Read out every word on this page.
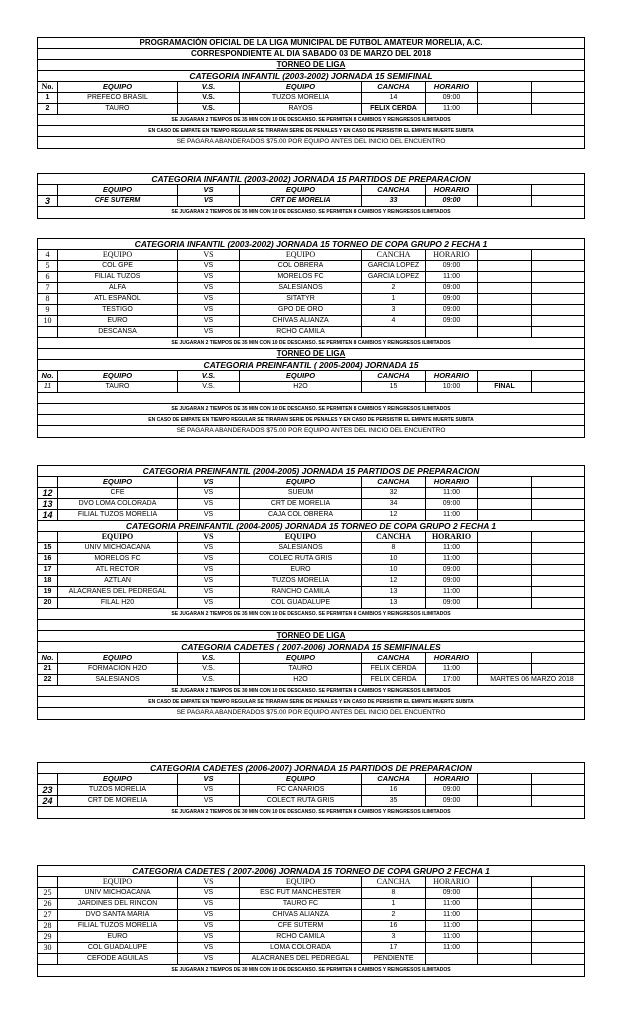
PROGRAMACIÓN OFICIAL DE LA LIGA MUNICIPAL DE FUTBOL AMATEUR MORELIA, A.C.
CORRESPONDIENTE AL DIA SABADO 03 DE MARZO DEL 2018
TORNEO DE LIGA
CATEGORIA INFANTIL (2003-2002) JORNADA 15 SEMIFINAL
No.	EQUIPO	V.S.	EQUIPO	CANCHA	HORARIO
1	PREFECO BRASIL	V.S.	TUZOS MORELIA	14	09:00
2	TAURO	V.S.	RAYOS	FELIX CERDA	11:00
SE JUGARAN 2 TIEMPOS DE 35 MIN CON 10 DE DESCANSO. SE PERMITEN 8 CAMBIOS Y REINGRESOS ILIMITADOS
EN CASO DE EMPATE EN TIEMPO REGULAR SE TIRARAN SERIE DE PENALES Y EN CASO DE PERSISTIR EL EMPATE MUERTE SUBITA
SE PAGARA ABANDERADOS $75.00 POR EQUIPO ANTES DEL INICIO DEL ENCUENTRO
CATEGORIA INFANTIL (2003-2002) JORNADA 15 PARTIDOS DE PREPARACION
EQUIPO	VS	EQUIPO	CANCHA	HORARIO
3	CFE SUTERM	VS	CRT DE MORELIA	33	09:00
SE JUGARAN 2 TIEMPOS DE 35 MIN CON 10 DE DESCANSO. SE PERMITEN 8 CAMBIOS Y REINGRESOS ILIMITADOS
CATEGORIA INFANTIL (2003-2002) JORNADA 15 TORNEO DE COPA GRUPO 2 FECHA 1
4	EQUIPO	VS	EQUIPO	CANCHA	HORARIO
5	COL GPE	VS	COL OBRERA	GARCIA LOPEZ	09:00
6	FILIAL TUZOS	VS	MORELOS FC	GARCIA LOPEZ	11:00
7	ALFA	VS	SALESIANOS	2	09:00
8	ATL ESPAÑOL	VS	SITATYR	1	09:00
9	TESTIGO	VS	GPO DE ORO	3	09:00
10	EURO	VS	CHIVAS ALIANZA	4	09:00
DESCANSA	VS	RCHO CAMILA
SE JUGARAN 2 TIEMPOS DE 35 MIN CON 10 DE DESCANSO. SE PERMITEN 8 CAMBIOS Y REINGRESOS ILIMITADOS
TORNEO DE LIGA
CATEGORIA PREINFANTIL ( 2005-2004) JORNADA 15
No.	EQUIPO	V.S.	EQUIPO	CANCHA	HORARIO
11	TAURO	V.S.	H2O	15	10:00	FINAL
SE JUGARAN 2 TIEMPOS DE 35 MIN CON 10 DE DESCANSO. SE PERMITEN 8 CAMBIOS Y REINGRESOS ILIMITADOS
EN CASO DE EMPATE EN TIEMPO REGULAR SE TIRARAN SERIE DE PENALES Y EN CASO DE PERSISTIR EL EMPATE MUERTE SUBITA
SE PAGARA ABANDERADOS $75.00 POR EQUIPO ANTES DEL INICIO DEL ENCUENTRO
CATEGORIA PREINFANTIL (2004-2005) JORNADA 15 PARTIDOS DE PREPARACION
EQUIPO	VS	EQUIPO	CANCHA	HORARIO
12	CFE	VS	SUEUM	32	11:00
13	DVO LOMA COLORADA	VS	CRT DE MORELIA	34	09:00
14	FILIAL TUZOS MORELIA	VS	CAJA COL OBRERA	12	11:00
CATEGORIA PREINFANTIL (2004-2005) JORNADA 15 TORNEO DE COPA GRUPO 2 FECHA 1
EQUIPO	VS	EQUIPO	CANCHA	HORARIO
15	UNIV MICHOACANA	VS	SALESIANOS	8	11:00
16	MORELOS FC	VS	COLEC RUTA GRIS	10	11:00
17	ATL RECTOR	VS	EURO	10	09:00
18	AZTLAN	VS	TUZOS MORELIA	12	09:00
19	ALACRANES DEL PEDREGAL	VS	RANCHO CAMILA	13	11:00
20	FILAL H20	VS	COL GUADALUPE	13	09:00
SE JUGARAN 2 TIEMPOS DE 35 MIN CON 10 DE DESCANSO. SE PERMITEN 8 CAMBIOS Y REINGRESOS ILIMITADOS
TORNEO DE LIGA
CATEGORIA CADETES ( 2007-2006) JORNADA 15 SEMIFINALES
No.	EQUIPO	V.S.	EQUIPO	CANCHA	HORARIO
21	FORMACION H2O	V.S.	TAURO	FELIX CERDA	11:00
22	SALESIANOS	V.S.	H2O	FELIX CERDA	17:00	MARTES 06 MARZO 2018
SE JUGARAN 2 TIEMPOS DE 30 MIN CON 10 DE DESCANSO. SE PERMITEN 8 CAMBIOS Y REINGRESOS ILIMITADOS
EN CASO DE EMPATE EN TIEMPO REGULAR SE TIRARAN SERIE DE PENALES Y EN CASO DE PERSISTIR EL EMPATE MUERTE SUBITA
SE PAGARA ABANDERADOS $75.00 POR EQUIPO ANTES DEL INICIO DEL ENCUENTRO
CATEGORIA CADETES (2006-2007) JORNADA 15 PARTIDOS DE PREPARACION
EQUIPO	VS	EQUIPO	CANCHA	HORARIO
23	TUZOS MORELIA	VS	FC CANARIOS	16	09:00
24	CRT DE MORELIA	VS	COLECT RUTA GRIS	35	09:00
SE JUGARAN 2 TIEMPOS DE 30 MIN CON 10 DE DESCANSO. SE PERMITEN 8 CAMBIOS Y REINGRESOS ILIMITADOS
CATEGORIA CADETES ( 2007-2006) JORNADA 15 TORNEO DE COPA GRUPO 2 FECHA 1
EQUIPO	VS	EQUIPO	CANCHA	HORARIO
25	UNIV MICHOACANA	VS	ESC FUT MANCHESTER	8	09:00
26	JARDINES DEL RINCON	VS	TAURO FC	1	11:00
27	DVO SANTA MARIA	VS	CHIVAS ALIANZA	2	11:00
28	FILIAL TUZOS MORELIA	VS	CFE SUTERM	16	11:00
29	EURO	VS	RCHO CAMILA	3	11:00
30	COL GUADALUPE	VS	LOMA COLORADA	17	11:00
CEFODE AGUILAS	VS	ALACRANES DEL PEDREGAL	PENDIENTE
SE JUGARAN 2 TIEMPOS DE 30 MIN CON 10 DE DESCANSO. SE PERMITEN 8 CAMBIOS Y REINGRESOS ILIMITADOS
